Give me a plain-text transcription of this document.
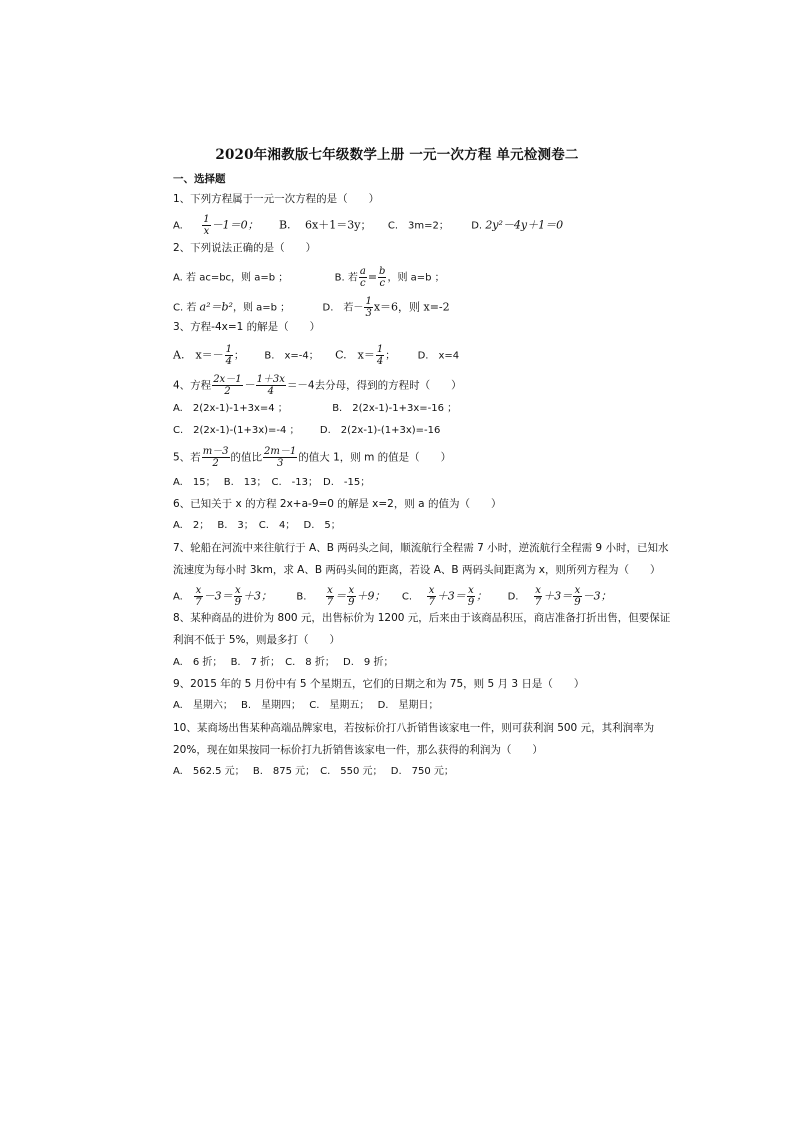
2020年湘教版七年级数学上册 一元一次方程 单元检测卷二
一、选择题
1、下列方程属于一元一次方程的是（　　）
A. $\frac{1}{x} -1=0$； B.　 6x＋1＝3y； C.　3m=2； D. 2y²－4y＋1＝0
2、下列说法正确的是（　　）
A. 若 ac=bc，则 a=b ；	B. 若 $\frac{a}{c} = \frac{b}{c}$ ，则 a=b ；
C. 若 a²＝b²，则 a=b ；	D.　若－ $\frac{1}{3} x=6$，则 x=-2
3、方程-4x=1 的解是（　　）
A.　$x=- \frac{1}{4}$ ； B.　x=-4； C.　$x= \frac{1}{4}$ ； D.　x=4
4、方程 $\frac{2x-1}{2} - \frac{1+3x}{4} =-4$去分母，得到的方程时（　　）
A.　2(2x-1)-1+3x=4 ；	B.　2(2x-1)-1+3x=-16 ；
C.　2(2x-1)-(1+3x)=-4 ； D.　2(2x-1)-(1+3x)=-16
5、若 $\frac{m-3}{2}$ 的值比 $\frac{2m-1}{3}$ 的值大 1，则 m 的值是（　　）
A.　15；　 B.　13；　C.　-13；　D.　-15；
6、已知关于 x 的方程 2x+a-9=0 的解是 x=2，则 a 的值为（　　）
A.　2；　 B.　3；　C.　4；　 D.　5；
7、轮船在河流中来往航行于 A、B 两码头之间，顺流航行全程需 7 小时，逆流航行全程需 9 小时，已知水
流速度为每小时 3km，求 A、B 两码头间的距离，若设 A、B 两码头间距离为 x，则所列方程为（　　）
A. $\frac{x}{7} -3= \frac{x}{9} +3$； B. $\frac{x}{7} = \frac{x}{9} +9$； C. $\frac{x}{7} +3= \frac{x}{9}$ ； D. $\frac{x}{7} +3= \frac{x}{9} -3$；
8、某种商品的进价为 800 元，出售标价为 1200 元，后来由于该商品积压，商店准备打折出售，但要保证
利润不低于 5%，则最多打（　　）
A.　6 折；　 B.　7 折；　C.　8 折；　 D.　9 折；
9、2015 年的 5 月份中有 5 个星期五，它们的日期之和为 75，则 5 月 3 日是（　　）
A.　星期六；　 B.　星期四；　 C.　星期五；　 D.　星期日；
10、某商场出售某种高端品牌家电，若按标价打八折销售该家电一件，则可获利润 500 元，其利润率为
20%，现在如果按同一标价打九折销售该家电一件，那么获得的利润为（　　）
A.　562.5 元；　 B.　875 元；　C.　550 元；　 D.　750 元；
